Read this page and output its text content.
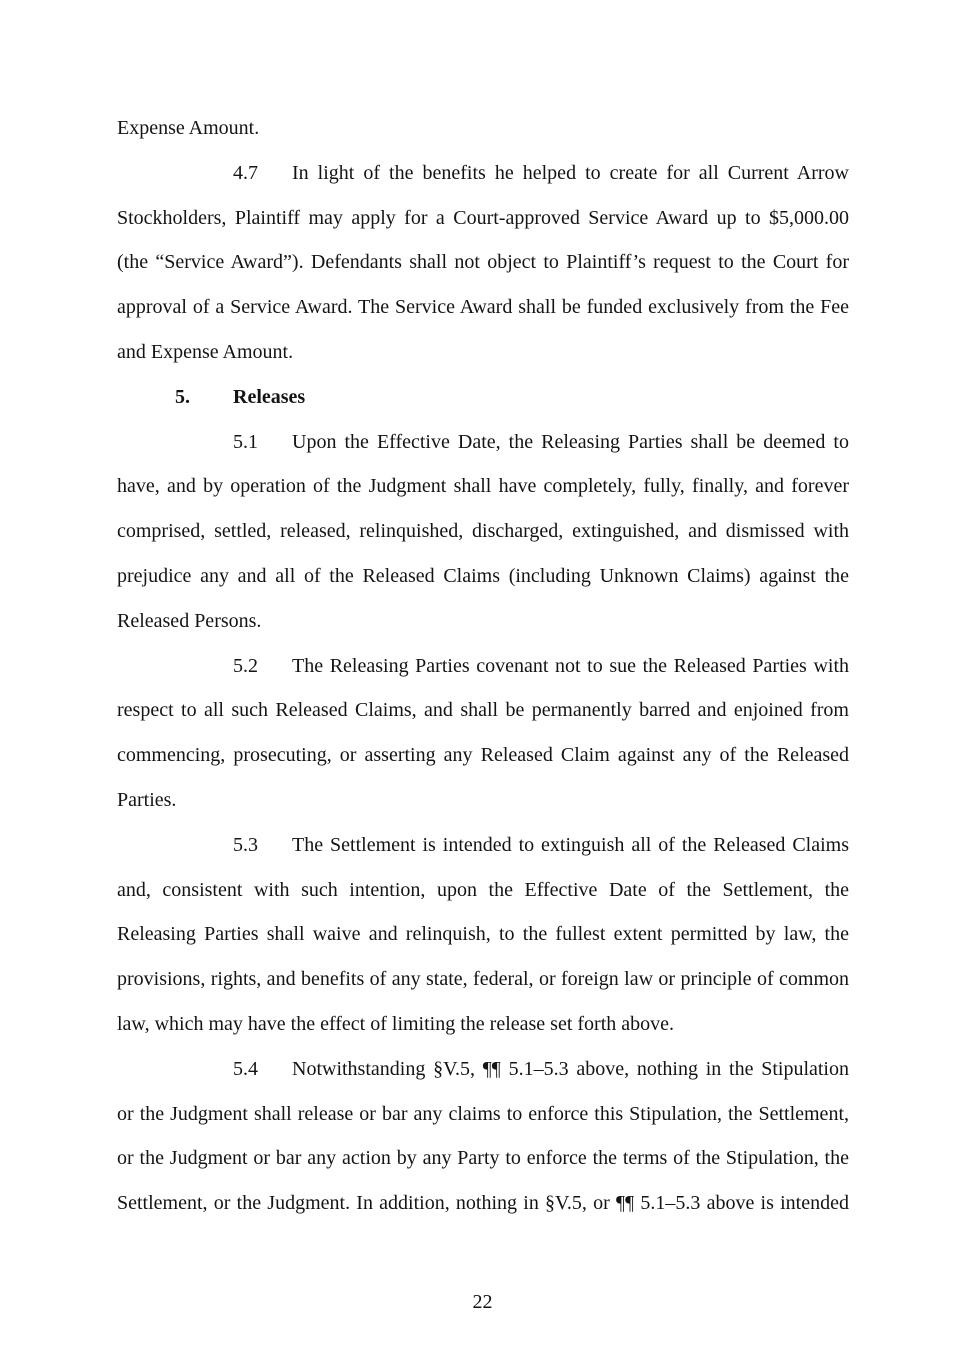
Expense Amount.
4.7 In light of the benefits he helped to create for all Current Arrow
Stockholders, Plaintiff may apply for a Court-approved Service Award up to $5,000.00
(the “Service Award”). Defendants shall not object to Plaintiff’s request to the Court for
approval of a Service Award. The Service Award shall be funded exclusively from the Fee
and Expense Amount.
5. Releases
5.1 Upon the Effective Date, the Releasing Parties shall be deemed to
have, and by operation of the Judgment shall have completely, fully, finally, and forever
comprised, settled, released, relinquished, discharged, extinguished, and dismissed with
prejudice any and all of the Released Claims (including Unknown Claims) against the
Released Persons.
5.2 The Releasing Parties covenant not to sue the Released Parties with
respect to all such Released Claims, and shall be permanently barred and enjoined from
commencing, prosecuting, or asserting any Released Claim against any of the Released
Parties.
5.3 The Settlement is intended to extinguish all of the Released Claims
and, consistent with such intention, upon the Effective Date of the Settlement, the
Releasing Parties shall waive and relinquish, to the fullest extent permitted by law, the
provisions, rights, and benefits of any state, federal, or foreign law or principle of common
law, which may have the effect of limiting the release set forth above.
5.4 Notwithstanding §V.5, ¶¶ 5.1–5.3 above, nothing in the Stipulation
or the Judgment shall release or bar any claims to enforce this Stipulation, the Settlement,
or the Judgment or bar any action by any Party to enforce the terms of the Stipulation, the
Settlement, or the Judgment. In addition, nothing in §V.5, or ¶¶ 5.1–5.3 above is intended
22
